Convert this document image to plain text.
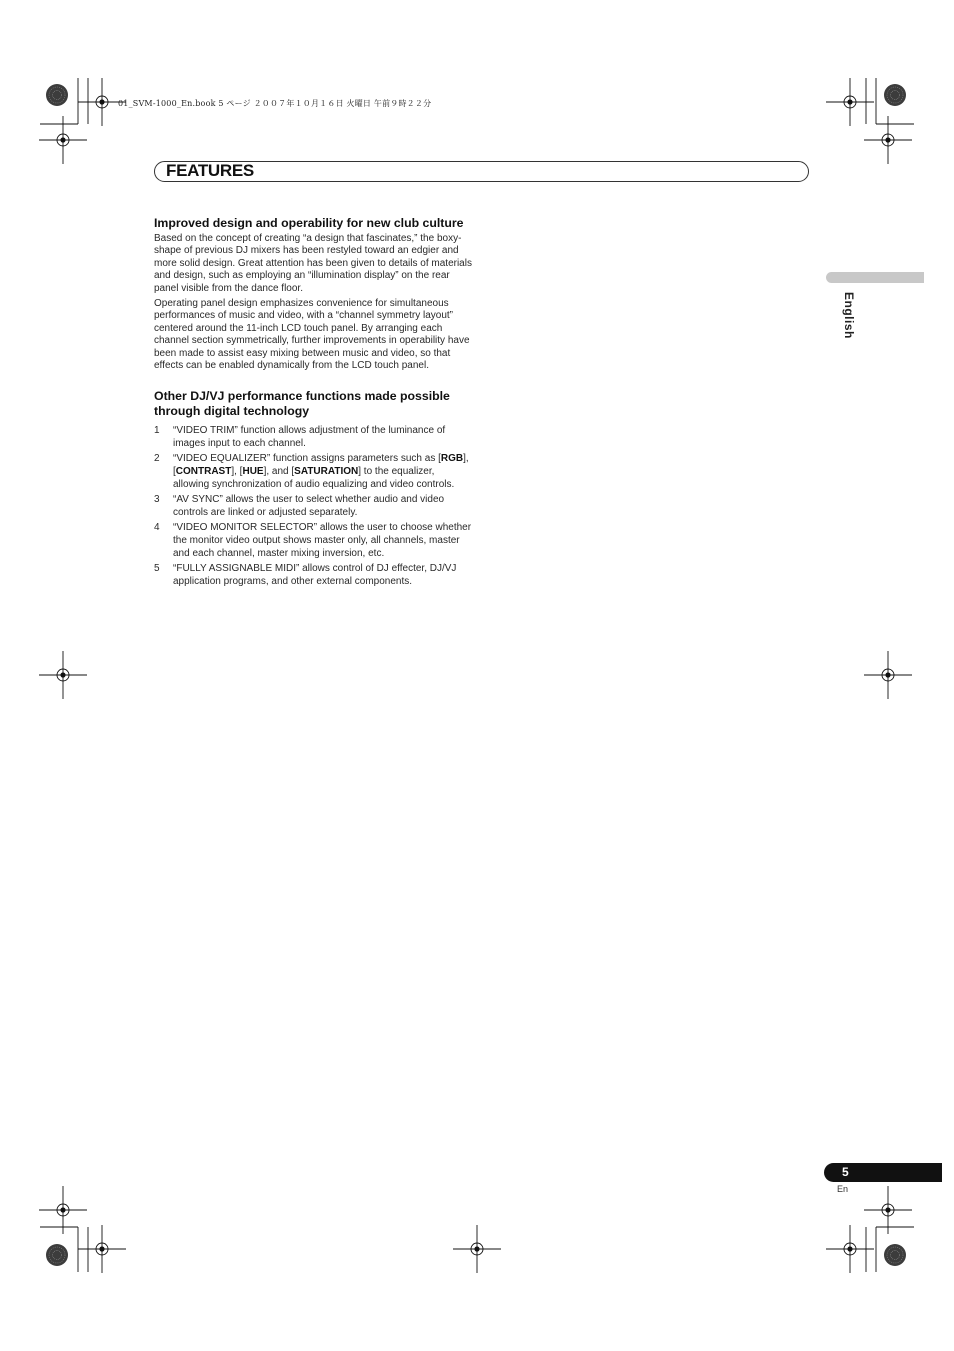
01_SVM-1000_En.book 5 ページ ２００７年１０月１６日 火曜日 午前９時２２分
FEATURES
English
Improved design and operability for new club culture

Based on the concept of creating “a design that fascinates,” the boxy-shape of previous DJ mixers has been restyled toward an edgier and more solid design. Great attention has been given to details of materials and design, such as employing an “illumination display” on the rear panel visible from the dance floor.

Operating panel design emphasizes convenience for simultaneous performances of music and video, with a “channel symmetry layout” centered around the 11-inch LCD touch panel. By arranging each channel section symmetrically, further improvements in operability have been made to assist easy mixing between music and video, so that effects can be enabled dynamically from the LCD touch panel.

Other DJ/VJ performance functions made possible through digital technology
1	“VIDEO TRIM” function allows adjustment of the luminance of images input to each channel.
2	“VIDEO EQUALIZER” function assigns parameters such as [RGB], [CONTRAST], [HUE], and [SATURATION] to the equalizer, allowing synchronization of audio equalizing and video controls.
3	“AV SYNC” allows the user to select whether audio and video controls are linked or adjusted separately.
4	“VIDEO MONITOR SELECTOR” allows the user to choose whether the monitor video output shows master only, all channels, master and each channel, master mixing inversion, etc.
5	“FULLY ASSIGNABLE MIDI” allows control of DJ effecter, DJ/VJ application programs, and other external components.
5
En
